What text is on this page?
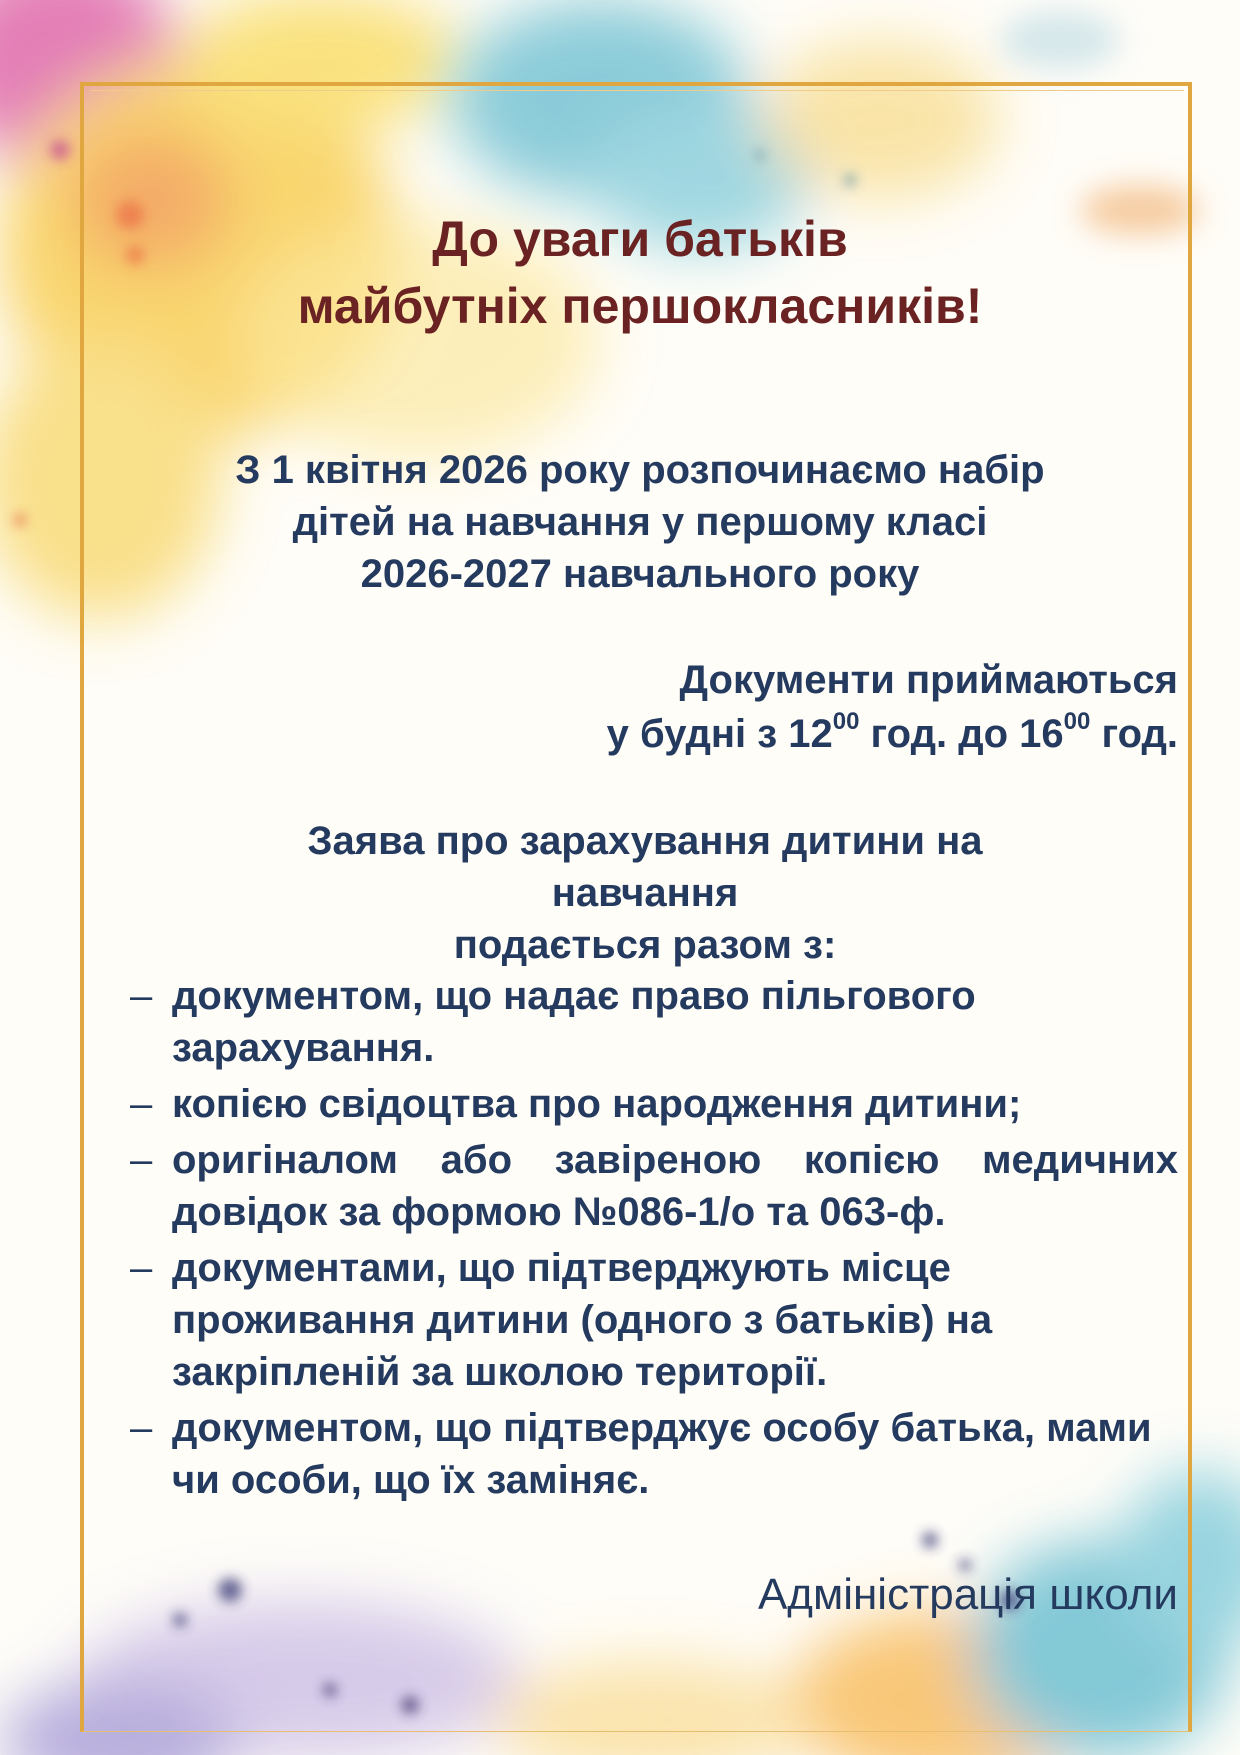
До уваги батьків
майбутніх першокласників!
З 1 квітня 2026 року розпочинаємо набір
дітей на навчання у першому класі
2026-2027 навчального року
Документи приймаються
у будні з $12^{00}$ год. до $16^{00}$ год.
Заява про зарахування дитини на
навчання
подається разом з:
– документом, що надає право пільгового зарахування.
– копією свідоцтва про народження дитини;
– оригіналом або завіреною копією медичних довідок за формою №086-1/о та 063-ф.
– документами, що підтверджують місце проживання дитини (одного з батьків) на закріпленій за школою території.
– документом, що підтверджує особу батька, мами чи особи, що їх заміняє.
Адміністрація школи
